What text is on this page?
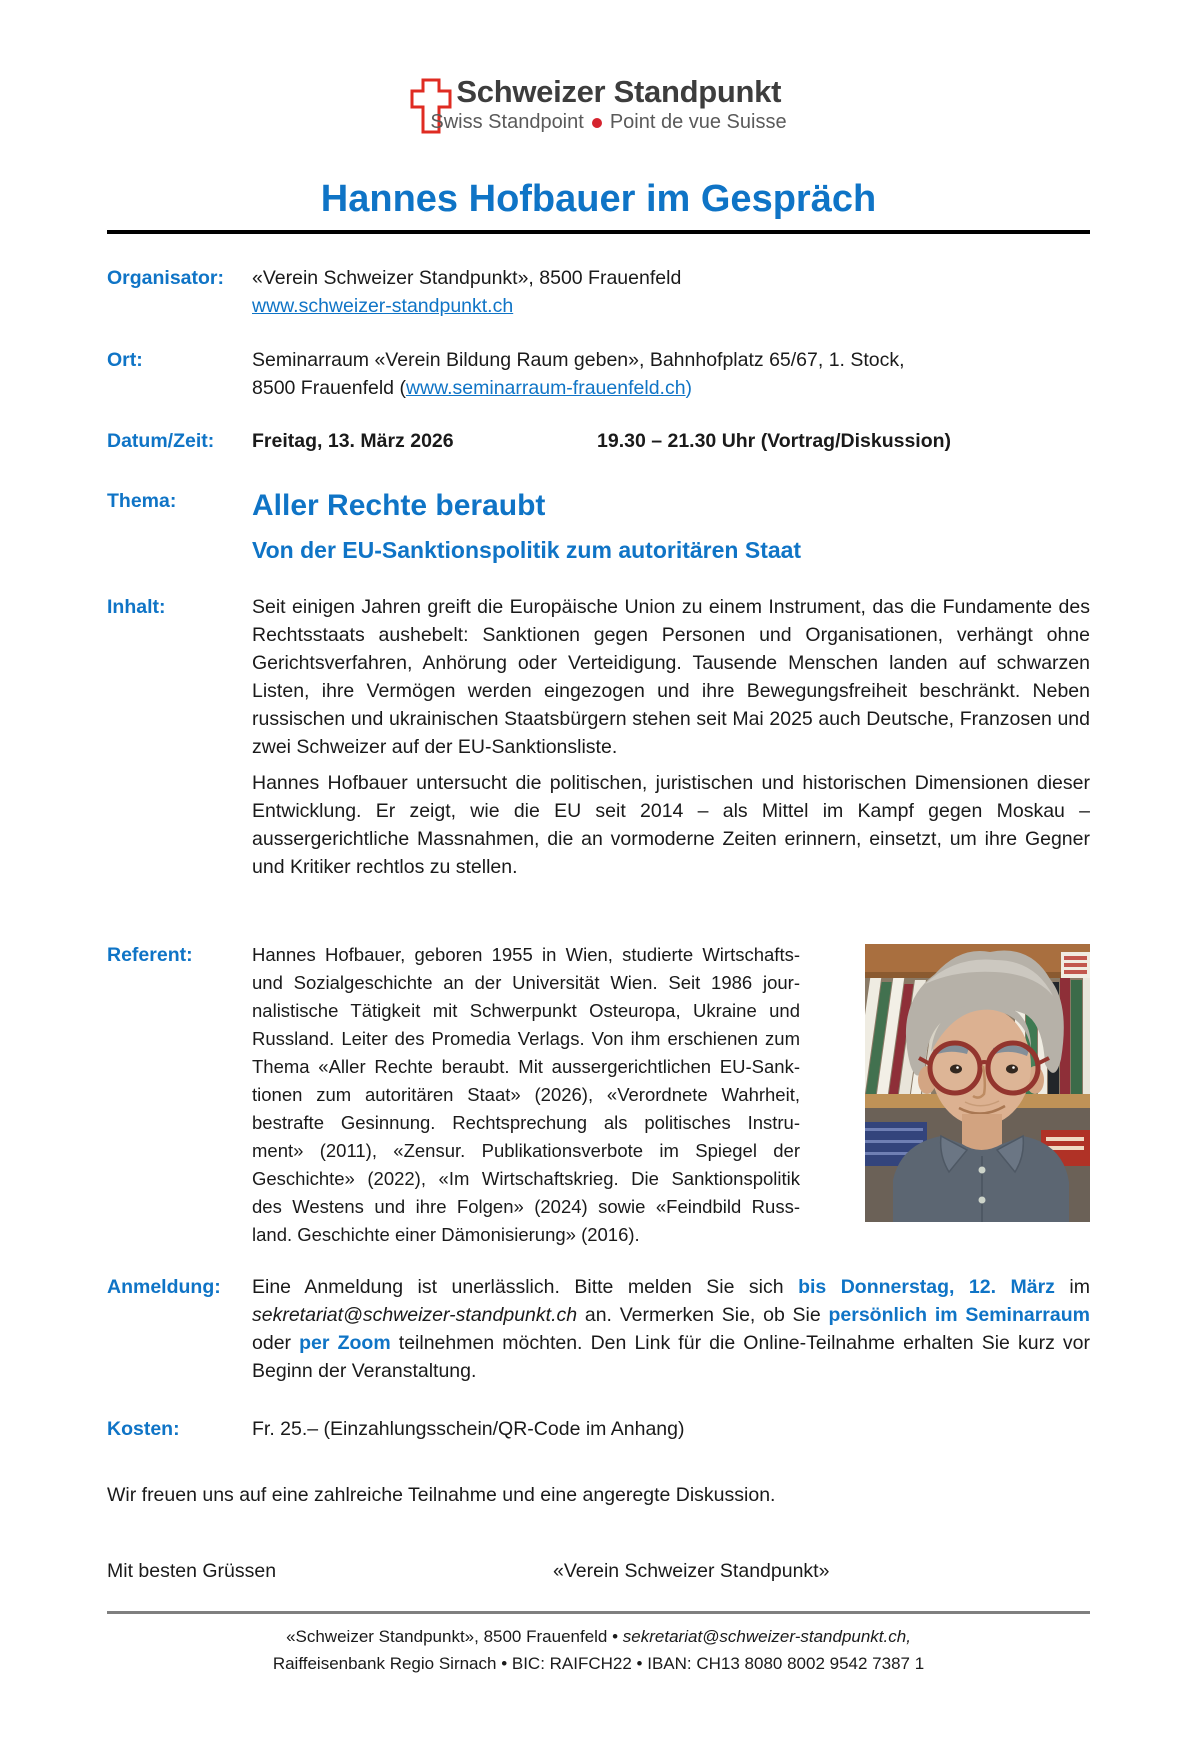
Schweizer Standpunkt
Swiss Standpoint Point de vue Suisse
Hannes Hofbauer im Gespräch
Organisator:	«Verein Schweizer Standpunkt», 8500 Frauenfeld
www.schweizer-standpunkt.ch
Ort:	Seminarraum «Verein Bildung Raum geben», Bahnhofplatz 65/67, 1. Stock,
8500 Frauenfeld (www.seminarraum-frauenfeld.ch)
Datum/Zeit:	Freitag, 13. März 2026	19.30 – 21.30 Uhr (Vortrag/Diskussion)
Thema:	Aller Rechte beraubt
Von der EU-Sanktionspolitik zum autoritären Staat
Inhalt:	Seit einigen Jahren greift die Europäische Union zu einem Instrument, das die Fundamente des Rechtsstaats aushebelt: Sanktionen gegen Personen und Organisationen, verhängt ohne Gerichtsverfahren, Anhörung oder Verteidigung. Tausende Menschen landen auf schwarzen Listen, ihre Vermögen werden eingezogen und ihre Bewegungsfreiheit beschränkt. Neben russischen und ukrainischen Staatsbürgern stehen seit Mai 2025 auch Deutsche, Franzosen und zwei Schweizer auf der EU-Sanktionsliste.
Hannes Hofbauer untersucht die politischen, juristischen und historischen Dimensionen dieser Entwicklung. Er zeigt, wie die EU seit 2014 – als Mittel im Kampf gegen Moskau – aussergerichtliche Massnahmen, die an vormoderne Zeiten erinnern, einsetzt, um ihre Gegner und Kritiker rechtlos zu stellen.
Referent:	Hannes Hofbauer, geboren 1955 in Wien, studierte Wirtschafts-
und Sozialgeschichte an der Universität Wien. Seit 1986 jour-
nalistische Tätigkeit mit Schwerpunkt Osteuropa, Ukraine und
Russland. Leiter des Promedia Verlags. Von ihm erschienen zum
Thema «Aller Rechte beraubt. Mit aussergerichtlichen EU-Sank-
tionen zum autoritären Staat» (2026), «Verordnete Wahrheit,
bestrafte Gesinnung. Rechtsprechung als politisches Instru-
ment» (2011), «Zensur. Publikationsverbote im Spiegel der
Geschichte» (2022), «Im Wirtschaftskrieg. Die Sanktionspolitik
des Westens und ihre Folgen» (2024) sowie «Feindbild Russ-
land. Geschichte einer Dämonisierung» (2016).
Anmeldung:	Eine Anmeldung ist unerlässlich. Bitte melden Sie sich bis Donnerstag, 12. März im sekretariat@schweizer-standpunkt.ch an. Vermerken Sie, ob Sie persönlich im Seminarraum oder per Zoom teilnehmen möchten. Den Link für die Online-Teilnahme erhalten Sie kurz vor Beginn der Veranstaltung.
Kosten:	Fr. 25.– (Einzahlungsschein/QR-Code im Anhang)
Wir freuen uns auf eine zahlreiche Teilnahme und eine angeregte Diskussion.
Mit besten Grüssen	«Verein Schweizer Standpunkt»
«Schweizer Standpunkt», 8500 Frauenfeld • sekretariat@schweizer-standpunkt.ch,
Raiffeisenbank Regio Sirnach • BIC: RAIFCH22 • IBAN: CH13 8080 8002 9542 7387 1
